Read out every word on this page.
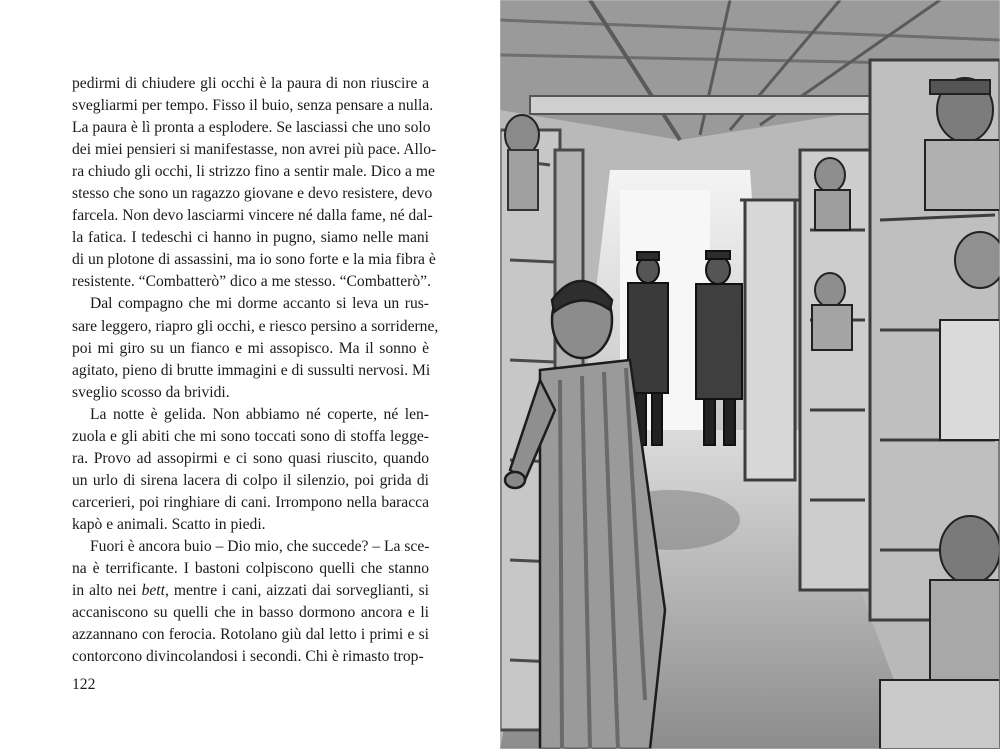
pedirmi di chiudere gli occhi è la paura di non riuscire a
svegliarmi per tempo. Fisso il buio, senza pensare a nulla.
La paura è lì pronta a esplodere. Se lasciassi che uno solo
dei miei pensieri si manifestasse, non avrei più pace. Allo-
ra chiudo gli occhi, li strizzo fino a sentir male. Dico a me
stesso che sono un ragazzo giovane e devo resistere, devo
farcela. Non devo lasciarmi vincere né dalla fame, né dal-
la fatica. I tedeschi ci hanno in pugno, siamo nelle mani
di un plotone di assassini, ma io sono forte e la mia fibra è
resistente. “Combatterò” dico a me stesso. “Combatterò”.

Dal compagno che mi dorme accanto si leva un rus-
sare leggero, riapro gli occhi, e riesco persino a sorriderne,
poi mi giro su un fianco e mi assopisco. Ma il sonno è
agitato, pieno di brutte immagini e di sussulti nervosi. Mi
sveglio scosso da brividi.

La notte è gelida. Non abbiamo né coperte, né len-
zuola e gli abiti che mi sono toccati sono di stoffa legge-
ra. Provo ad assopirmi e ci sono quasi riuscito, quando
un urlo di sirena lacera di colpo il silenzio, poi grida di
carcerieri, poi ringhiare di cani. Irrompono nella baracca
kapò e animali. Scatto in piedi.

Fuori è ancora buio – Dio mio, che succede? – La sce-
na è terrificante. I bastoni colpiscono quelli che stanno
in alto nei bett, mentre i cani, aizzati dai sorveglianti, si
accaniscono su quelli che in basso dormono ancora e li
azzannano con ferocia. Rotolano giù dal letto i primi e si
contorcono divincolandosi i secondi. Chi è rimasto trop-

122
